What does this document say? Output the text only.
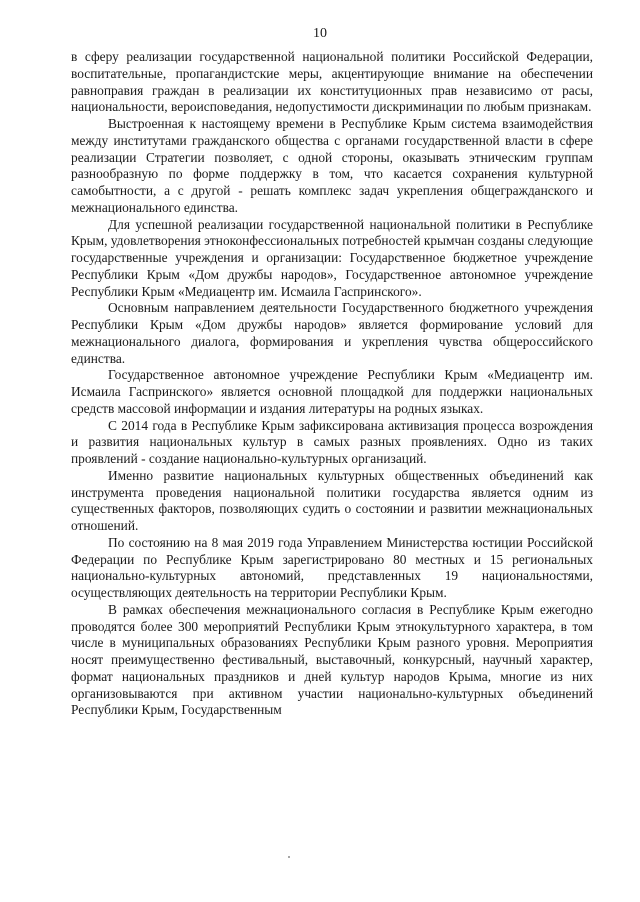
10

в сферу реализации государственной национальной политики Российской Федерации, воспитательные, пропагандистские меры, акцентирующие внимание на обеспечении равноправия граждан в реализации их конституционных прав независимо от расы, национальности, вероисповедания, недопустимости дискриминации по любым признакам.

Выстроенная к настоящему времени в Республике Крым система взаимодействия между институтами гражданского общества с органами государственной власти в сфере реализации Стратегии позволяет, с одной стороны, оказывать этническим группам разнообразную по форме поддержку в том, что касается сохранения культурной самобытности, а с другой - решать комплекс задач укрепления общегражданского и межнационального единства.

Для успешной реализации государственной национальной политики в Республике Крым, удовлетворения этноконфессиональных потребностей крымчан созданы следующие государственные учреждения и организации: Государственное бюджетное учреждение Республики Крым «Дом дружбы народов», Государственное автономное учреждение Республики Крым «Медиацентр им. Исмаила Гаспринского».

Основным направлением деятельности Государственного бюджетного учреждения Республики Крым «Дом дружбы народов» является формирование условий для межнационального диалога, формирования и укрепления чувства общероссийского единства.

Государственное автономное учреждение Республики Крым «Медиацентр им. Исмаила Гаспринского» является основной площадкой для поддержки национальных средств массовой информации и издания литературы на родных языках.

С 2014 года в Республике Крым зафиксирована активизация процесса возрождения и развития национальных культур в самых разных проявлениях. Одно из таких проявлений - создание национально-культурных организаций.

Именно развитие национальных культурных общественных объединений как инструмента проведения национальной политики государства является одним из существенных факторов, позволяющих судить о состоянии и развитии межнациональных отношений.

По состоянию на 8 мая 2019 года Управлением Министерства юстиции Российской Федерации по Республике Крым зарегистрировано 80 местных и 15 региональных национально-культурных автономий, представленных 19 национальностями, осуществляющих деятельность на территории Республики Крым.

В рамках обеспечения межнационального согласия в Республике Крым ежегодно проводятся более 300 мероприятий Республики Крым этнокультурного характера, в том числе в муниципальных образованиях Республики Крым разного уровня. Мероприятия носят преимущественно фестивальный, выставочный, конкурсный, научный характер, формат национальных праздников и дней культур народов Крыма, многие из них организовываются при активном участии национально-культурных объединений Республики Крым, Государственным
